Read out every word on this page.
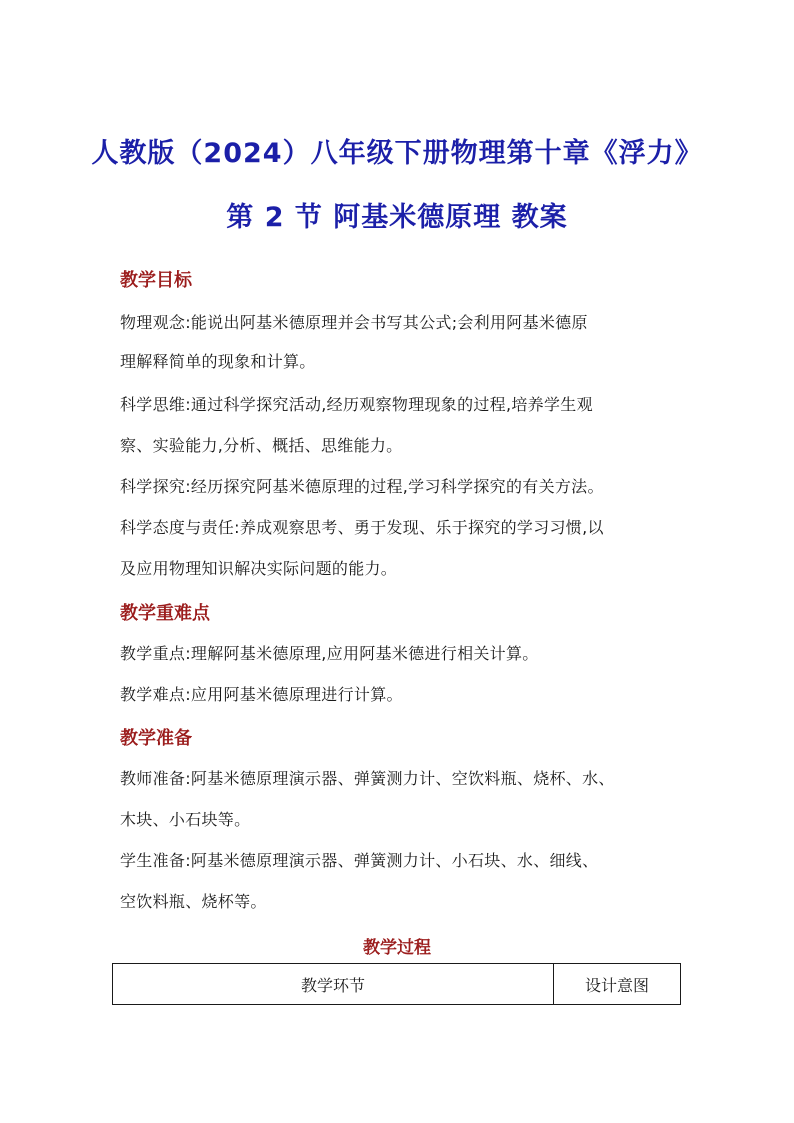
人教版（2024）八年级下册物理第十章《浮力》
第 2 节 阿基米德原理 教案
教学目标
物理观念:能说出阿基米德原理并会书写其公式;会利用阿基米德原
理解释简单的现象和计算。
科学思维:通过科学探究活动,经历观察物理现象的过程,培养学生观
察、实验能力,分析、概括、思维能力。
科学探究:经历探究阿基米德原理的过程,学习科学探究的有关方法。
科学态度与责任:养成观察思考、勇于发现、乐于探究的学习习惯,以
及应用物理知识解决实际问题的能力。
教学重难点
教学重点:理解阿基米德原理,应用阿基米德进行相关计算。
教学难点:应用阿基米德原理进行计算。
教学准备
教师准备:阿基米德原理演示器、弹簧测力计、空饮料瓶、烧杯、水、
木块、小石块等。
学生准备:阿基米德原理演示器、弹簧测力计、小石块、水、细线、
空饮料瓶、烧杯等。
教学过程
教学环节	设计意图
